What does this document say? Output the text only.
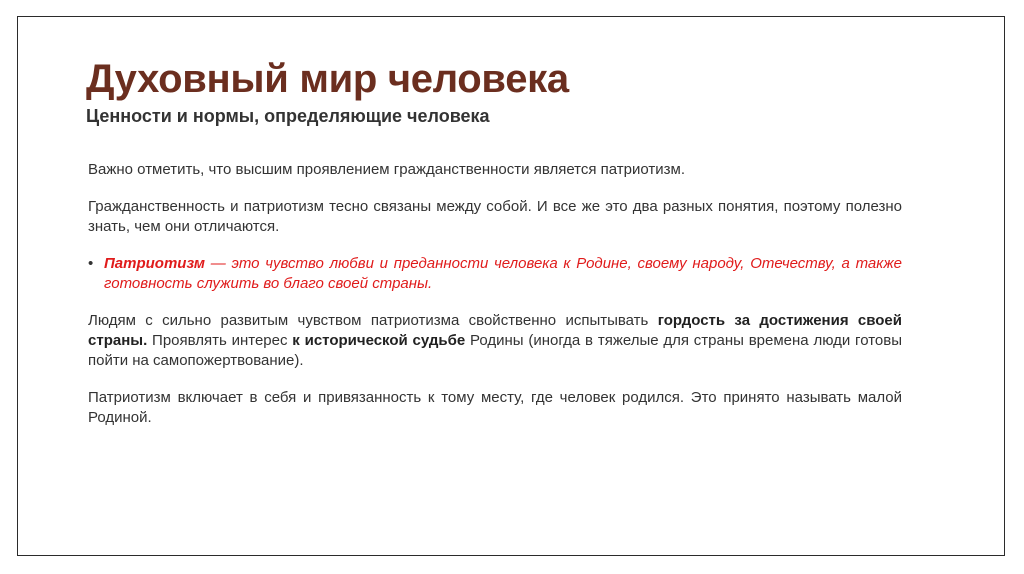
Духовный мир человека
Ценности и нормы, определяющие человека

Важно отметить, что высшим проявлением гражданственности является патриотизм.

Гражданственность и патриотизм тесно связаны между собой. И все же это два разных понятия, поэтому полезно знать, чем они отличаются.

• Патриотизм — это чувство любви и преданности человека к Родине, своему народу, Отечеству, а также готовность служить во благо своей страны.

Людям с сильно развитым чувством патриотизма свойственно испытывать гордость за достижения своей страны. Проявлять интерес к исторической судьбе Родины (иногда в тяжелые для страны времена люди готовы пойти на самопожертвование).

Патриотизм включает в себя и привязанность к тому месту, где человек родился. Это принято называть малой Родиной.
